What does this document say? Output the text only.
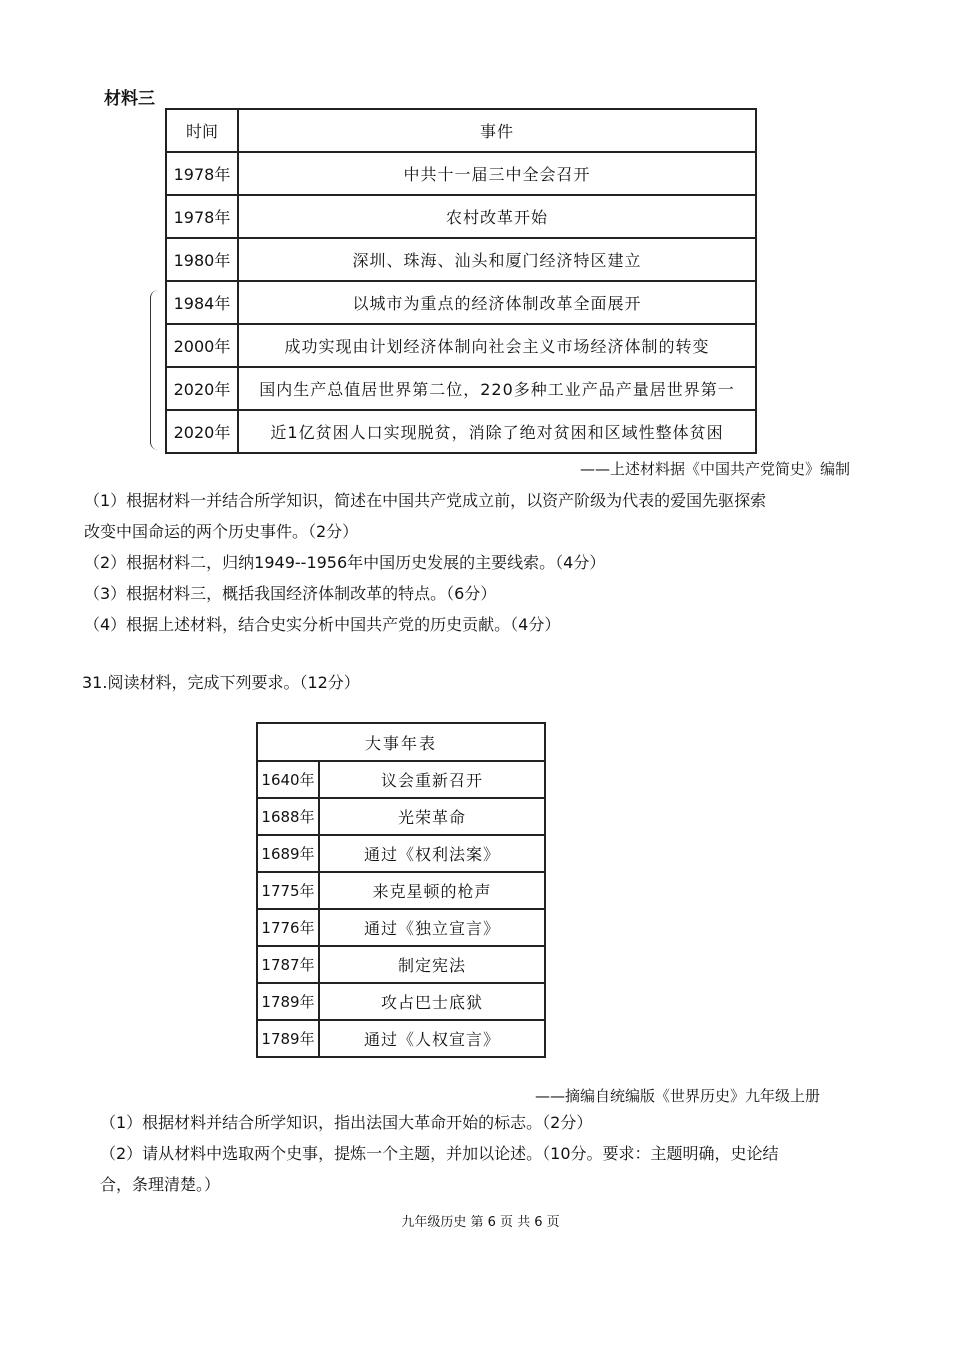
材料三
时间	事件
1978年	中共十一届三中全会召开
1978年	农村改革开始
1980年	深圳、珠海、汕头和厦门经济特区建立
1984年	以城市为重点的经济体制改革全面展开
2000年	成功实现由计划经济体制向社会主义市场经济体制的转变
2020年	国内生产总值居世界第二位，220多种工业产品产量居世界第一
2020年	近1亿贫困人口实现脱贫，消除了绝对贫困和区域性整体贫困
——上述材料据《中国共产党简史》编制
（1）根据材料一并结合所学知识，简述在中国共产党成立前，以资产阶级为代表的爱国先驱探索
改变中国命运的两个历史事件。（2分）
（2）根据材料二，归纳1949--1956年中国历史发展的主要线索。（4分）
（3）根据材料三，概括我国经济体制改革的特点。（6分）
（4）根据上述材料，结合史实分析中国共产党的历史贡献。（4分）
31.阅读材料，完成下列要求。（12分）
大事年表	
1640年	议会重新召开
1688年	光荣革命
1689年	通过《权利法案》
1775年	来克星顿的枪声
1776年	通过《独立宣言》
1787年	制定宪法
1789年	攻占巴士底狱
1789年	通过《人权宣言》
——摘编自统编版《世界历史》九年级上册
（1）根据材料并结合所学知识，指出法国大革命开始的标志。（2分）
（2）请从材料中选取两个史事，提炼一个主题，并加以论述。（10分。要求：主题明确，史论结
合，条理清楚。）
九年级历史 第 6 页 共 6 页
